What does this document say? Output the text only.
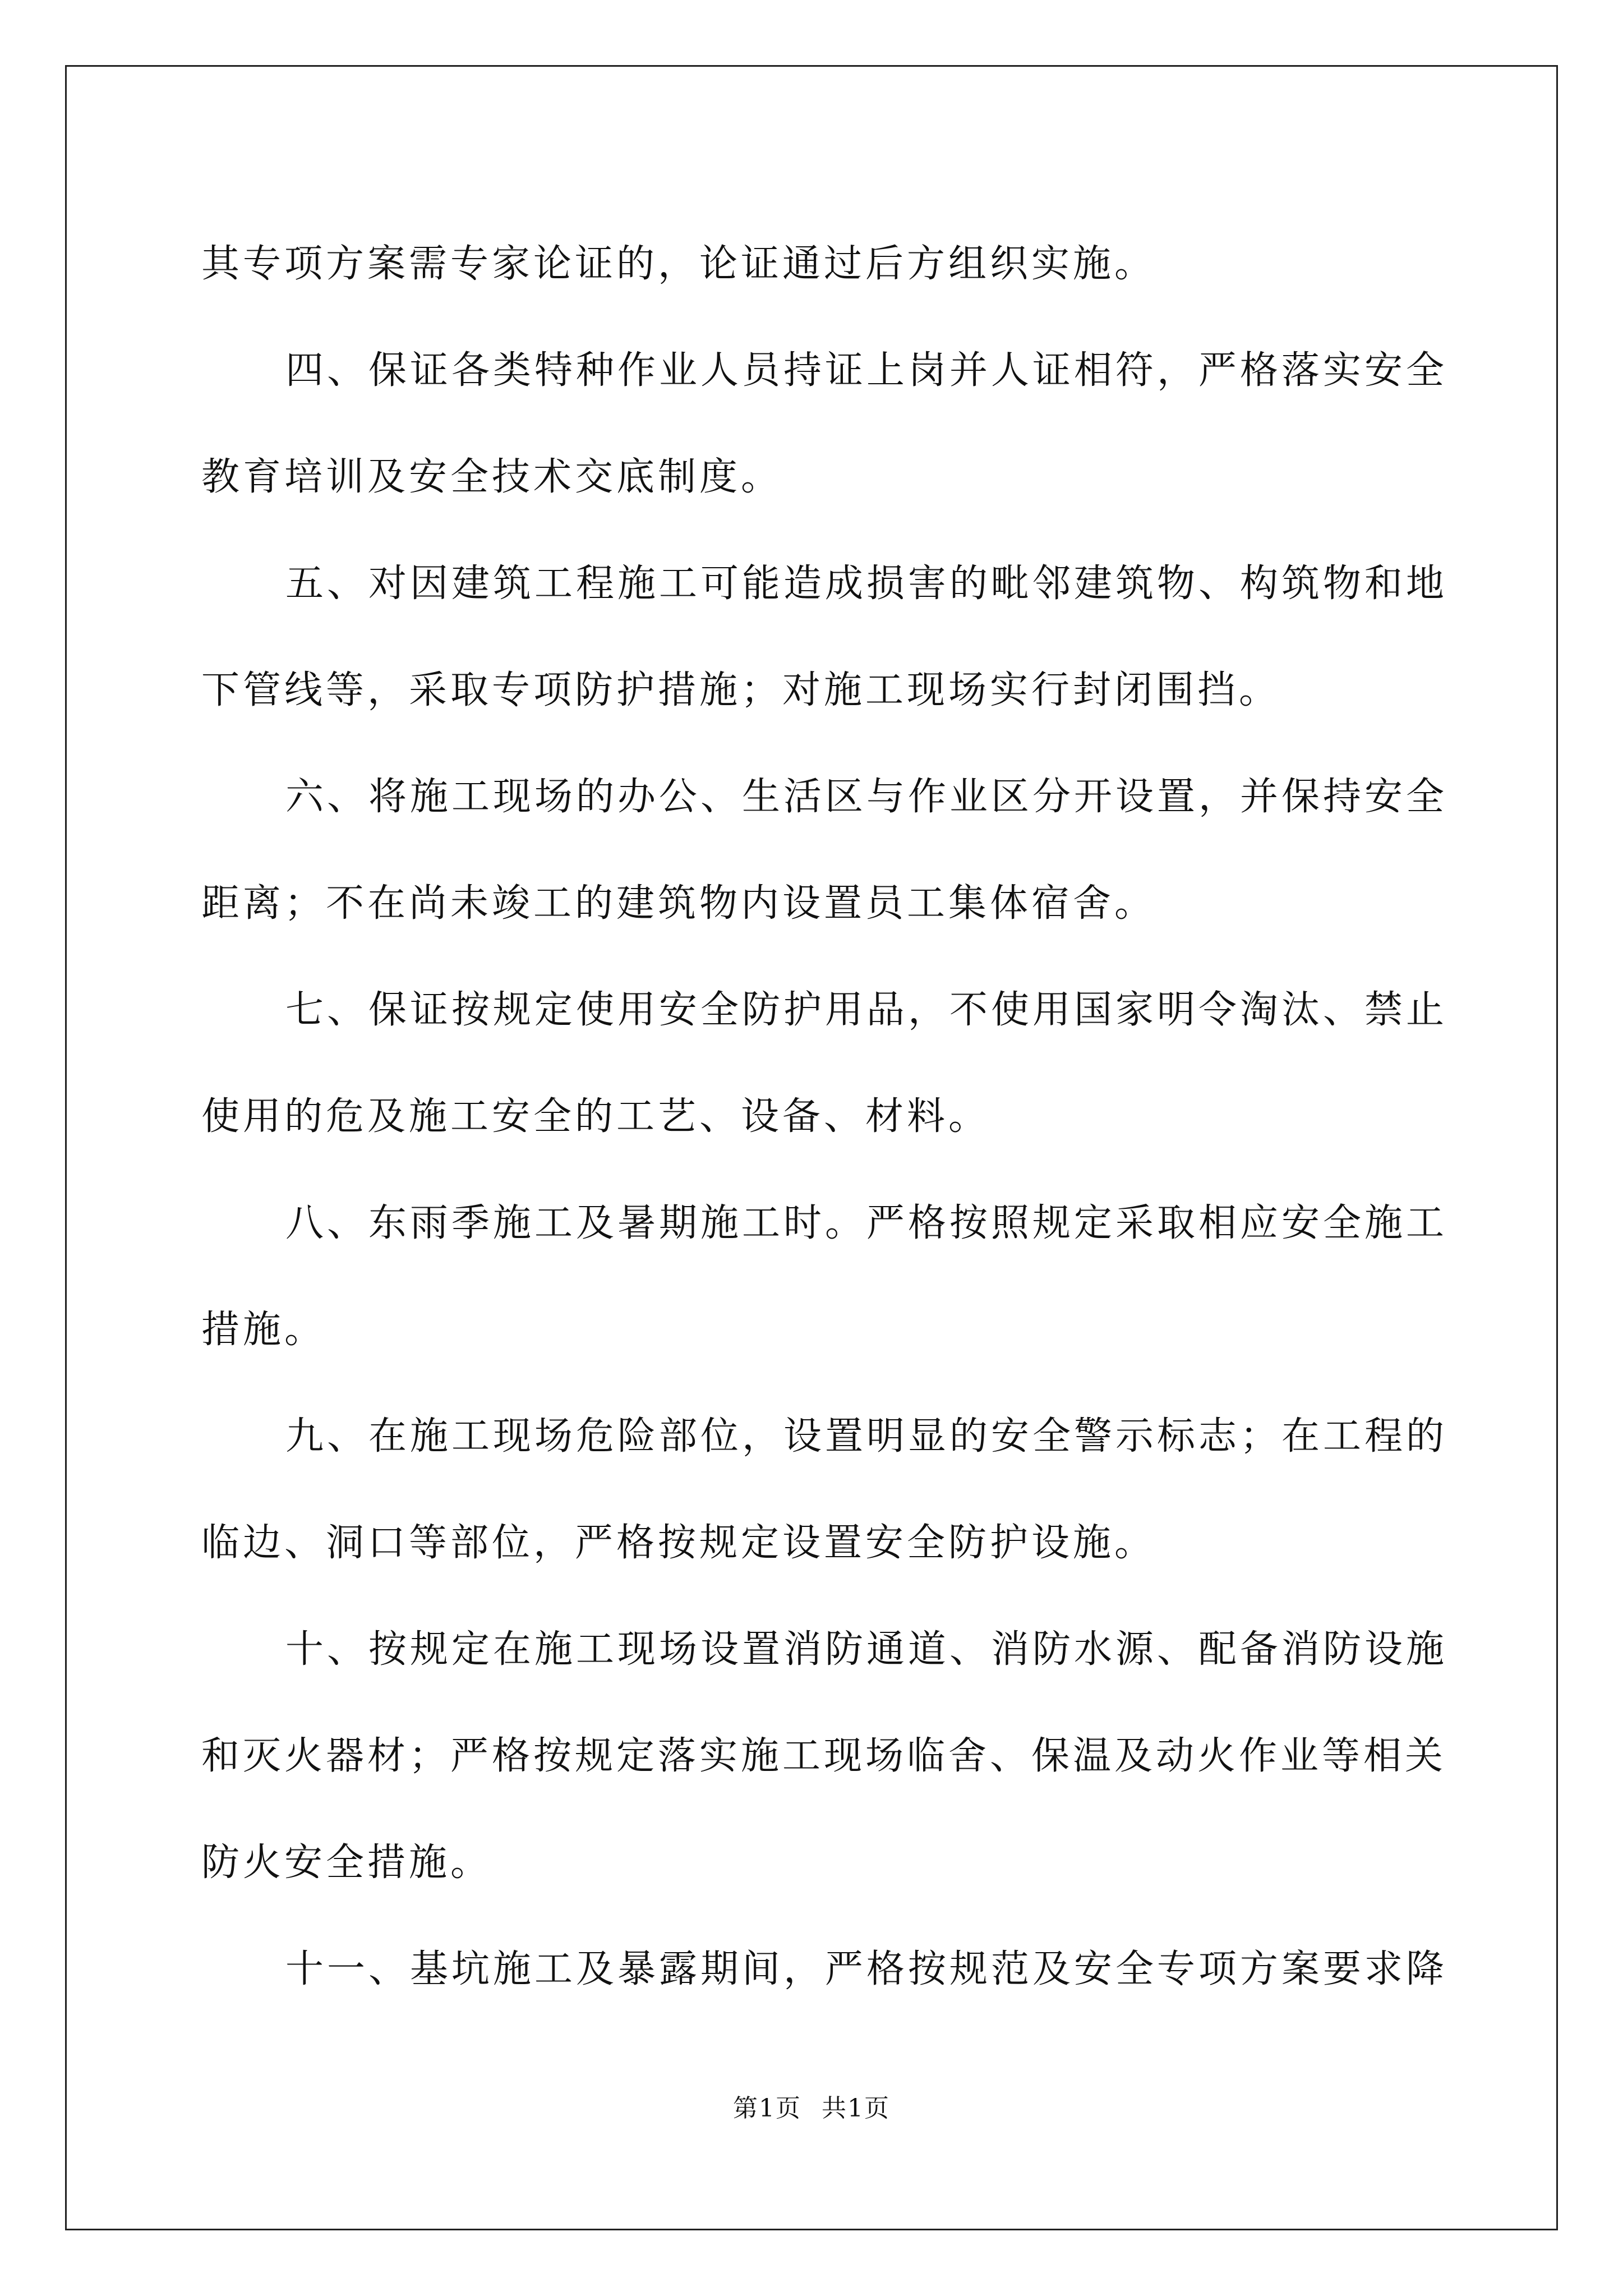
其专项方案需专家论证的，论证通过后方组织实施。
四、保证各类特种作业人员持证上岗并人证相符，严格落实安全
教育培训及安全技术交底制度。
五、对因建筑工程施工可能造成损害的毗邻建筑物、构筑物和地
下管线等，采取专项防护措施；对施工现场实行封闭围挡。
六、将施工现场的办公、生活区与作业区分开设置，并保持安全
距离；不在尚未竣工的建筑物内设置员工集体宿舍。
七、保证按规定使用安全防护用品，不使用国家明令淘汰、禁止
使用的危及施工安全的工艺、设备、材料。
八、东雨季施工及暑期施工时。严格按照规定采取相应安全施工
措施。
九、在施工现场危险部位，设置明显的安全警示标志；在工程的
临边、洞口等部位，严格按规定设置安全防护设施。
十、按规定在施工现场设置消防通道、消防水源、配备消防设施
和灭火器材；严格按规定落实施工现场临舍、保温及动火作业等相关
防火安全措施。
十一、基坑施工及暴露期间，严格按规范及安全专项方案要求降
第1页 共1页
